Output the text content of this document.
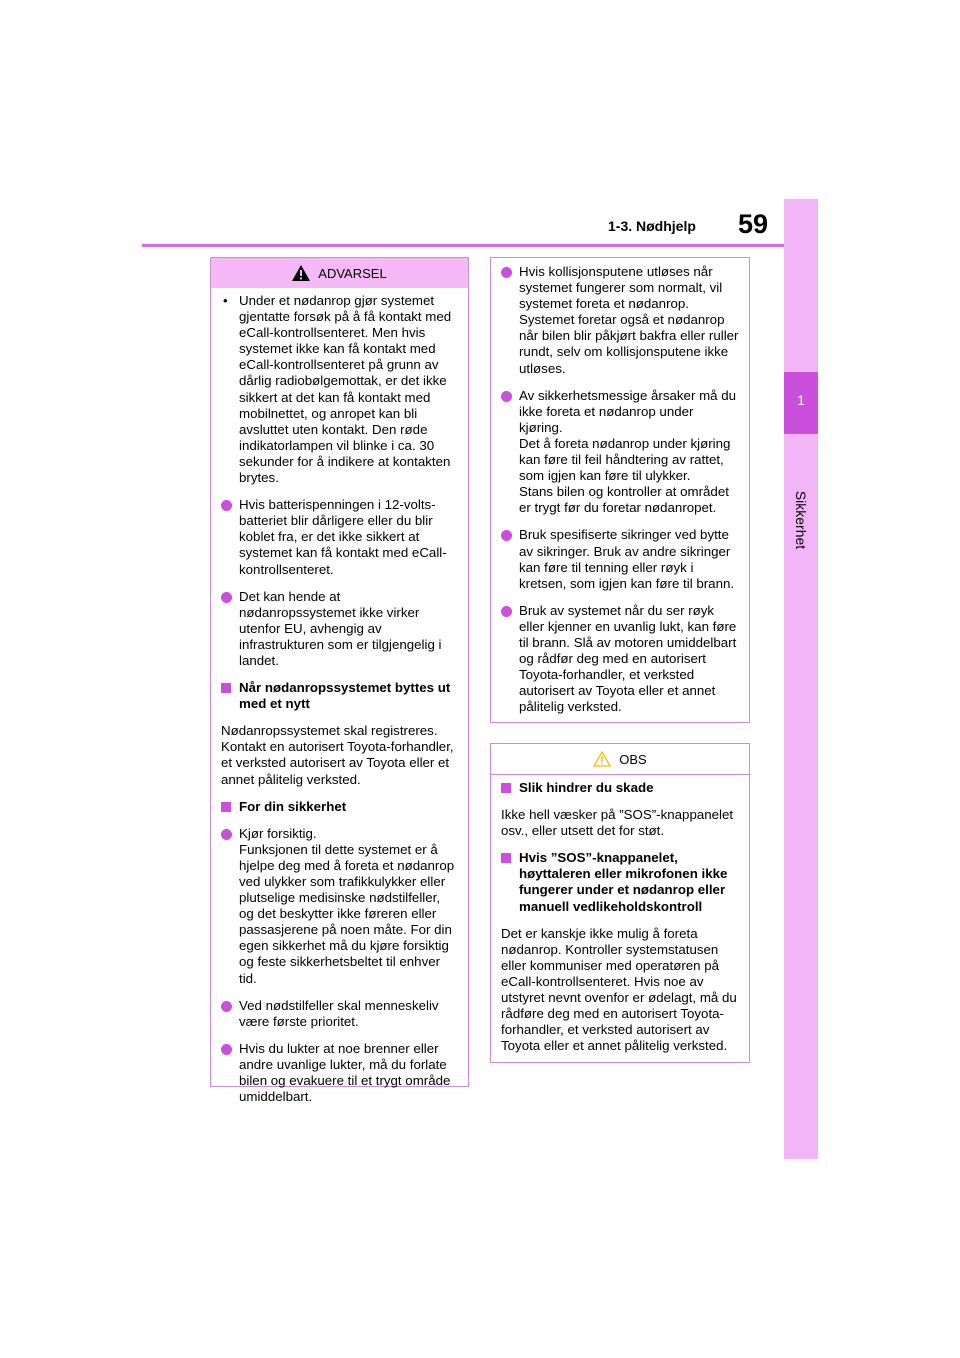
1-3. Nødhjelp 59
1
Sikkerhet
ADVARSEL
• Under et nødanrop gjør systemet gjentatte forsøk på å få kontakt med eCall-kontrollsenteret. Men hvis systemet ikke kan få kontakt med eCall-kontrollsenteret på grunn av dårlig radiobølgemottak, er det ikke sikkert at det kan få kontakt med mobilnettet, og anropet kan bli avsluttet uten kontakt. Den røde indikatorlampen vil blinke i ca. 30 sekunder for å indikere at kontakten brytes.
Hvis batterispenningen i 12-volts-batteriet blir dårligere eller du blir koblet fra, er det ikke sikkert at systemet kan få kontakt med eCall-kontrollsenteret.
Det kan hende at nødanropssystemet ikke virker utenfor EU, avhengig av infrastrukturen som er tilgjengelig i landet.
Når nødanropssystemet byttes ut med et nytt
Nødanropssystemet skal registreres. Kontakt en autorisert Toyota-forhandler, et verksted autorisert av Toyota eller et annet pålitelig verksted.
For din sikkerhet
Kjør forsiktig.
Funksjonen til dette systemet er å hjelpe deg med å foreta et nødanrop ved ulykker som trafikkulykker eller plutselige medisinske nødstilfeller, og det beskytter ikke føreren eller passasjerene på noen måte. For din egen sikkerhet må du kjøre forsiktig og feste sikkerhetsbeltet til enhver tid.
Ved nødstilfeller skal menneskeliv være første prioritet.
Hvis du lukter at noe brenner eller andre uvanlige lukter, må du forlate bilen og evakuere til et trygt område umiddelbart.
Hvis kollisjonsputene utløses når systemet fungerer som normalt, vil systemet foreta et nødanrop. Systemet foretar også et nødanrop når bilen blir påkjørt bakfra eller ruller rundt, selv om kollisjonsputene ikke utløses.
Av sikkerhetsmessige årsaker må du ikke foreta et nødanrop under kjøring.
Det å foreta nødanrop under kjøring kan føre til feil håndtering av rattet, som igjen kan føre til ulykker.
Stans bilen og kontroller at området er trygt før du foretar nødanropet.
Bruk spesifiserte sikringer ved bytte av sikringer. Bruk av andre sikringer kan føre til tenning eller røyk i kretsen, som igjen kan føre til brann.
Bruk av systemet når du ser røyk eller kjenner en uvanlig lukt, kan føre til brann. Slå av motoren umiddelbart og rådfør deg med en autorisert Toyota-forhandler, et verksted autorisert av Toyota eller et annet pålitelig verksted.
OBS
Slik hindrer du skade
Ikke hell væsker på ”SOS”-knappanelet osv., eller utsett det for støt.
Hvis ”SOS”-knappanelet, høyttaleren eller mikrofonen ikke fungerer under et nødanrop eller manuell vedlikeholdskontroll
Det er kanskje ikke mulig å foreta nødanrop. Kontroller systemstatusen eller kommuniser med operatøren på eCall-kontrollsenteret. Hvis noe av utstyret nevnt ovenfor er ødelagt, må du rådføre deg med en autorisert Toyota-forhandler, et verksted autorisert av Toyota eller et annet pålitelig verksted.
